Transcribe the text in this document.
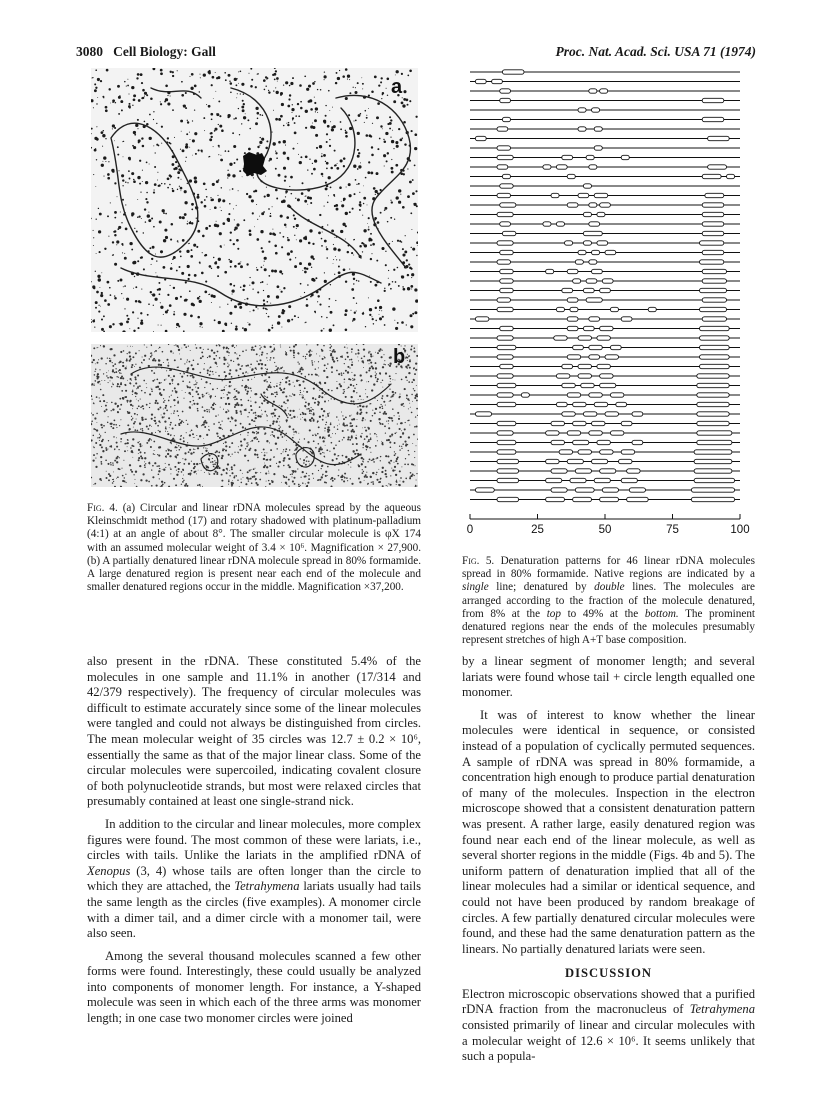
3080 Cell Biology: Gall	Proc. Nat. Acad. Sci. USA 71 (1974)
a
b
Fig. 4. (a) Circular and linear rDNA molecules spread by the aqueous Kleinschmidt method (17) and rotary shadowed with platinum-palladium (4:1) at an angle of about 8°. The smaller circular molecule is φX 174 with an assumed molecular weight of 3.4 × 10⁶. Magnification × 27,900. (b) A partially denatured linear rDNA molecule spread in 80% formamide. A large denatured region is present near each end of the molecule and smaller denatured regions occur in the middle. Magnification ×37,200.
0	25	50	75	100
Fig. 5. Denaturation patterns for 46 linear rDNA molecules spread in 80% formamide. Native regions are indicated by a single line; denatured by double lines. The molecules are arranged according to the fraction of the molecule denatured, from 8% at the top to 49% at the bottom. The prominent denatured regions near the ends of the molecules presumably represent stretches of high A+T base composition.

also present in the rDNA. These constituted 5.4% of the molecules in one sample and 11.1% in another (17/314 and 42/379 respectively). The frequency of circular molecules was difficult to estimate accurately since some of the linear molecules were tangled and could not always be distinguished from circles. The mean molecular weight of 35 circles was 12.7 ± 0.2 × 10⁶, essentially the same as that of the major linear class. Some of the circular molecules were supercoiled, indicating covalent closure of both polynucleotide strands, but most were relaxed circles that presumably contained at least one single-strand nick.

In addition to the circular and linear molecules, more complex figures were found. The most common of these were lariats, i.e., circles with tails. Unlike the lariats in the amplified rDNA of Xenopus (3, 4) whose tails are often longer than the circle to which they are attached, the Tetrahymena lariats usually had tails the same length as the circles (five examples). A monomer circle with a dimer tail, and a dimer circle with a monomer tail, were also seen.

Among the several thousand molecules scanned a few other forms were found. Interestingly, these could usually be analyzed into components of monomer length. For instance, a Y-shaped molecule was seen in which each of the three arms was monomer length; in one case two monomer circles were joined

by a linear segment of monomer length; and several lariats were found whose tail + circle length equalled one monomer.

It was of interest to know whether the linear molecules were identical in sequence, or consisted instead of a population of cyclically permuted sequences. A sample of rDNA was spread in 80% formamide, a concentration high enough to produce partial denaturation of many of the molecules. Inspection in the electron microscope showed that a consistent denaturation pattern was present. A rather large, easily denatured region was found near each end of the linear molecule, as well as several shorter regions in the middle (Figs. 4b and 5). The uniform pattern of denaturation implied that all of the linear molecules had a similar or identical sequence, and could not have been produced by random breakage of circles. A few partially denatured circular molecules were found, and these had the same denaturation pattern as the linears. No partially denatured lariats were seen.

DISCUSSION

Electron microscopic observations showed that a purified rDNA fraction from the macronucleus of Tetrahymena consisted primarily of linear and circular molecules with a molecular weight of 12.6 × 10⁶. It seems unlikely that such a popula-
